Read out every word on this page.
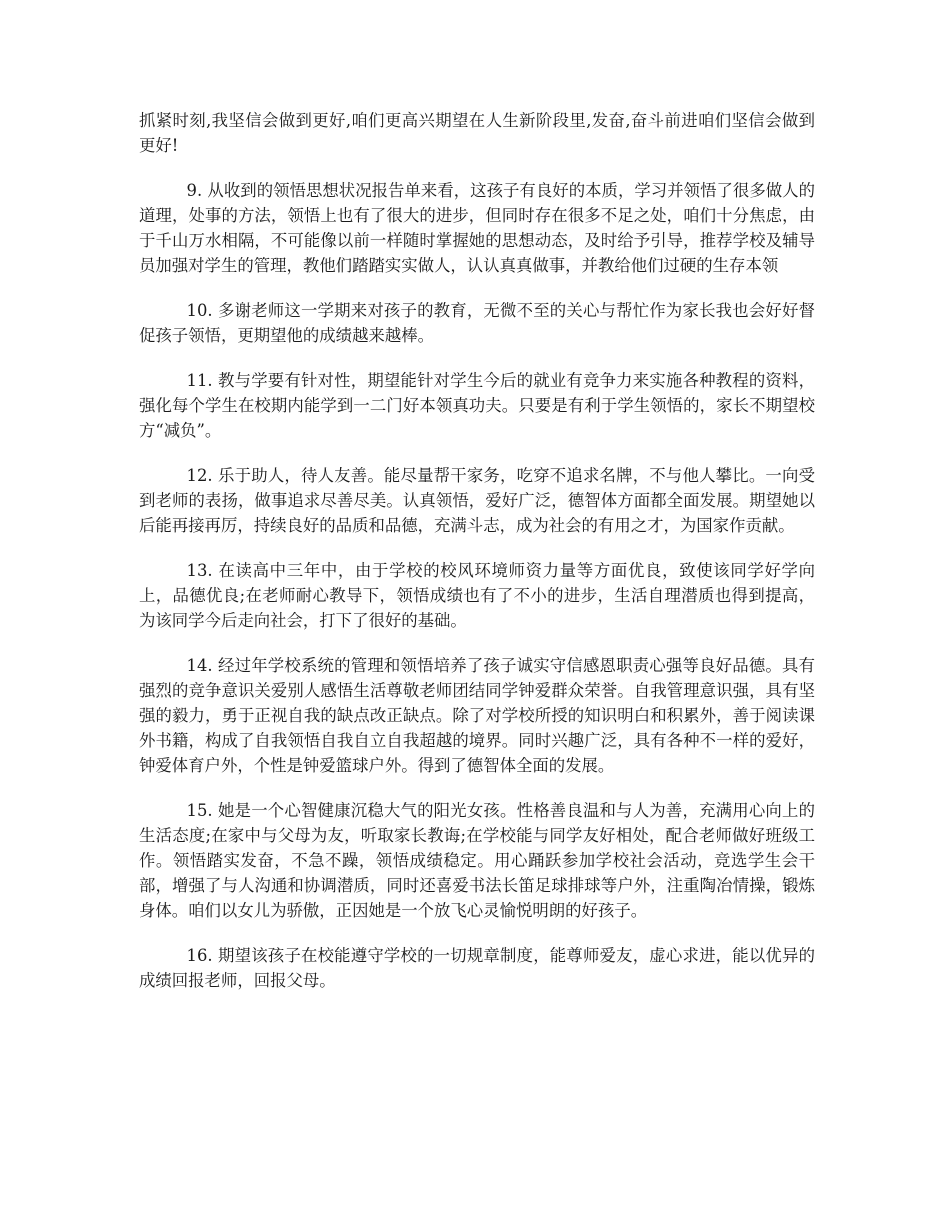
抓紧时刻,我坚信会做到更好,咱们更高兴期望在人生新阶段里,发奋,奋斗前进咱们坚信会做到更好!

9. 从收到的领悟思想状况报告单来看，这孩子有良好的本质，学习并领悟了很多做人的道理，处事的方法，领悟上也有了很大的进步，但同时存在很多不足之处，咱们十分焦虑，由于千山万水相隔，不可能像以前一样随时掌握她的思想动态，及时给予引导，推荐学校及辅导员加强对学生的管理，教他们踏踏实实做人，认认真真做事，并教给他们过硬的生存本领

10. 多谢老师这一学期来对孩子的教育，无微不至的关心与帮忙作为家长我也会好好督促孩子领悟，更期望他的成绩越来越棒。

11. 教与学要有针对性，期望能针对学生今后的就业有竞争力来实施各种教程的资料，强化每个学生在校期内能学到一二门好本领真功夫。只要是有利于学生领悟的，家长不期望校方“减负”。

12. 乐于助人，待人友善。能尽量帮干家务，吃穿不追求名牌，不与他人攀比。一向受到老师的表扬，做事追求尽善尽美。认真领悟，爱好广泛，德智体方面都全面发展。期望她以后能再接再厉，持续良好的品质和品德，充满斗志，成为社会的有用之才，为国家作贡献。

13. 在读高中三年中，由于学校的校风环境师资力量等方面优良，致使该同学好学向上，品德优良;在老师耐心教导下，领悟成绩也有了不小的进步，生活自理潜质也得到提高，为该同学今后走向社会，打下了很好的基础。

14. 经过年学校系统的管理和领悟培养了孩子诚实守信感恩职责心强等良好品德。具有强烈的竞争意识关爱别人感悟生活尊敬老师团结同学钟爱群众荣誉。自我管理意识强，具有坚强的毅力，勇于正视自我的缺点改正缺点。除了对学校所授的知识明白和积累外，善于阅读课外书籍，构成了自我领悟自我自立自我超越的境界。同时兴趣广泛，具有各种不一样的爱好，钟爱体育户外，个性是钟爱篮球户外。得到了德智体全面的发展。

15. 她是一个心智健康沉稳大气的阳光女孩。性格善良温和与人为善，充满用心向上的生活态度;在家中与父母为友，听取家长教诲;在学校能与同学友好相处，配合老师做好班级工作。领悟踏实发奋，不急不躁，领悟成绩稳定。用心踊跃参加学校社会活动，竞选学生会干部，增强了与人沟通和协调潜质，同时还喜爱书法长笛足球排球等户外，注重陶冶情操，锻炼身体。咱们以女儿为骄傲，正因她是一个放飞心灵愉悦明朗的好孩子。

16. 期望该孩子在校能遵守学校的一切规章制度，能尊师爱友，虚心求进，能以优异的成绩回报老师，回报父母。
